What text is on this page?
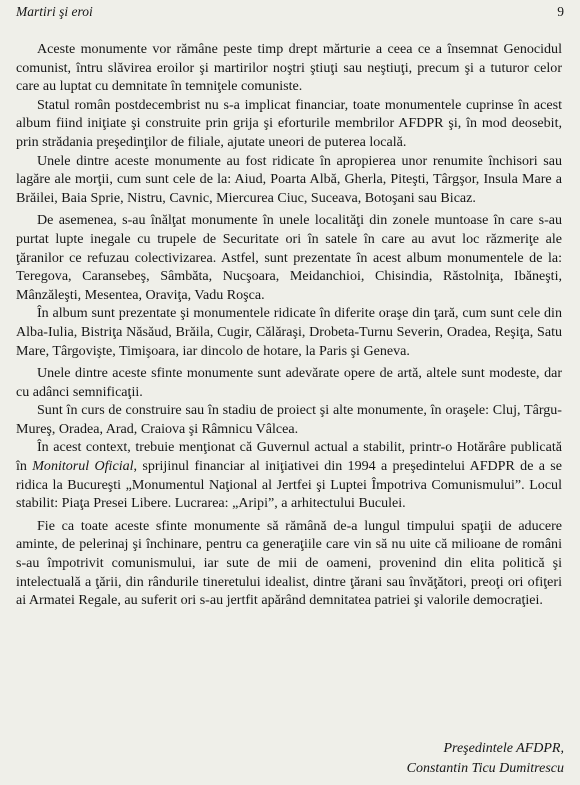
Martiri şi eroi	9

Aceste monumente vor rămâne peste timp drept mărturie a ceea ce a însemnat Genocidul comunist, întru slăvirea eroilor şi martirilor noştri ştiuţi sau neştiuţi, precum şi a tuturor celor care au luptat cu demnitate în temniţele comuniste.

Statul român postdecembrist nu s-a implicat financiar, toate monumentele cuprinse în acest album fiind iniţiate şi construite prin grija şi eforturile membrilor AFDPR şi, în mod deosebit, prin strădania preşedinţilor de filiale, ajutate uneori de puterea locală.

Unele dintre aceste monumente au fost ridicate în apropierea unor renumite închisori sau lagăre ale morţii, cum sunt cele de la: Aiud, Poarta Albă, Gherla, Piteşti, Târgşor, Insula Mare a Brăilei, Baia Sprie, Nistru, Cavnic, Miercurea Ciuc, Suceava, Botoşani sau Bicaz.

De asemenea, s-au înălţat monumente în unele localităţi din zonele muntoase în care s-au purtat lupte inegale cu trupele de Securitate ori în satele în care au avut loc răzmeriţe ale ţăranilor ce refuzau colectivizarea. Astfel, sunt prezentate în acest album monumentele de la: Teregova, Caransebeş, Sâmbăta, Nucşoara, Meidanchioi, Chisindia, Răstolniţa, Ibăneşti, Mânzăleşti, Mesentea, Oraviţa, Vadu Roşca.

În album sunt prezentate şi monumentele ridicate în diferite oraşe din ţară, cum sunt cele din Alba-Iulia, Bistriţa Năsăud, Brăila, Cugir, Călăraşi, Drobeta-Turnu Severin, Oradea, Reşiţa, Satu Mare, Târgovişte, Timişoara, iar dincolo de hotare, la Paris şi Geneva.

Unele dintre aceste sfinte monumente sunt adevărate opere de artă, altele sunt modeste, dar cu adânci semnificaţii.

Sunt în curs de construire sau în stadiu de proiect şi alte monumente, în oraşele: Cluj, Târgu-Mureş, Oradea, Arad, Craiova şi Râmnicu Vâlcea.

În acest context, trebuie menţionat că Guvernul actual a stabilit, printr-o Hotărâre publicată în Monitorul Oficial, sprijinul financiar al iniţiativei din 1994 a preşedintelui AFDPR de a se ridica la Bucureşti „Monumentul Naţional al Jertfei şi Luptei Împotriva Comunismului”. Locul stabilit: Piaţa Presei Libere. Lucrarea: „Aripi”, a arhitectului Buculei.

Fie ca toate aceste sfinte monumente să rămână de-a lungul timpului spaţii de aducere aminte, de pelerinaj şi închinare, pentru ca generaţiile care vin să nu uite că milioane de români s-au împotrivit comunismului, iar sute de mii de oameni, provenind din elita politică şi intelectuală a ţării, din rândurile tineretului idealist, dintre ţărani sau învăţători, preoţi ori ofiţeri ai Armatei Regale, au suferit ori s-au jertfit apărând demnitatea patriei şi valorile democraţiei.

Preşedintele AFDPR,
Constantin Ticu Dumitrescu
